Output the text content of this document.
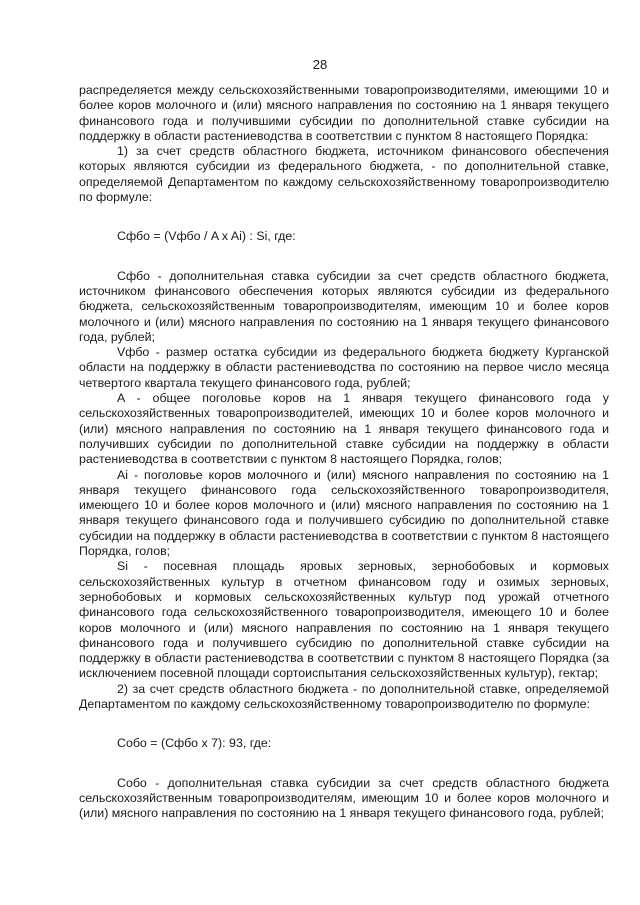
28

распределяется между сельскохозяйственными товаропроизводителями, имеющими 10 и более коров молочного и (или) мясного направления по состоянию на 1 января текущего финансового года и получившими субсидии по дополнительной ставке субсидии на поддержку в области растениеводства в соответствии с пунктом 8 настоящего Порядка:

1) за счет средств областного бюджета, источником финансового обеспечения которых являются субсидии из федерального бюджета, - по дополнительной ставке, определяемой Департаментом по каждому сельскохозяйственному товаропроизводителю по формуле:

Сфбо = (Vфбо / A x Ai) : Si, где:

Сфбо - дополнительная ставка субсидии за счет средств областного бюджета, источником финансового обеспечения которых являются субсидии из федерального бюджета, сельскохозяйственным товаропроизводителям, имеющим 10 и более коров молочного и (или) мясного направления по состоянию на 1 января текущего финансового года, рублей;

Vфбо - размер остатка субсидии из федерального бюджета бюджету Курганской области на поддержку в области растениеводства по состоянию на первое число месяца четвертого квартала текущего финансового года, рублей;

A - общее поголовье коров на 1 января текущего финансового года у сельскохозяйственных товаропроизводителей, имеющих 10 и более коров молочного и (или) мясного направления по состоянию на 1 января текущего финансового года и получивших субсидии по дополнительной ставке субсидии на поддержку в области растениеводства в соответствии с пунктом 8 настоящего Порядка, голов;

Ai - поголовье коров молочного и (или) мясного направления по состоянию на 1 января текущего финансового года сельскохозяйственного товаропроизводителя, имеющего 10 и более коров молочного и (или) мясного направления по состоянию на 1 января текущего финансового года и получившего субсидию по дополнительной ставке субсидии на поддержку в области растениеводства в соответствии с пунктом 8 настоящего Порядка, голов;

Si - посевная площадь яровых зерновых, зернобобовых и кормовых сельскохозяйственных культур в отчетном финансовом году и озимых зерновых, зернобобовых и кормовых сельскохозяйственных культур под урожай отчетного финансового года сельскохозяйственного товаропроизводителя, имеющего 10 и более коров молочного и (или) мясного направления по состоянию на 1 января текущего финансового года и получившего субсидию по дополнительной ставке субсидии на поддержку в области растениеводства в соответствии с пунктом 8 настоящего Порядка (за исключением посевной площади сортоиспытания сельскохозяйственных культур), гектар;

2) за счет средств областного бюджета - по дополнительной ставке, определяемой Департаментом по каждому сельскохозяйственному товаропроизводителю по формуле:

Собо = (Сфбо x 7): 93, где:

Собо - дополнительная ставка субсидии за счет средств областного бюджета сельскохозяйственным товаропроизводителям, имеющим 10 и более коров молочного и (или) мясного направления по состоянию на 1 января текущего финансового года, рублей;
